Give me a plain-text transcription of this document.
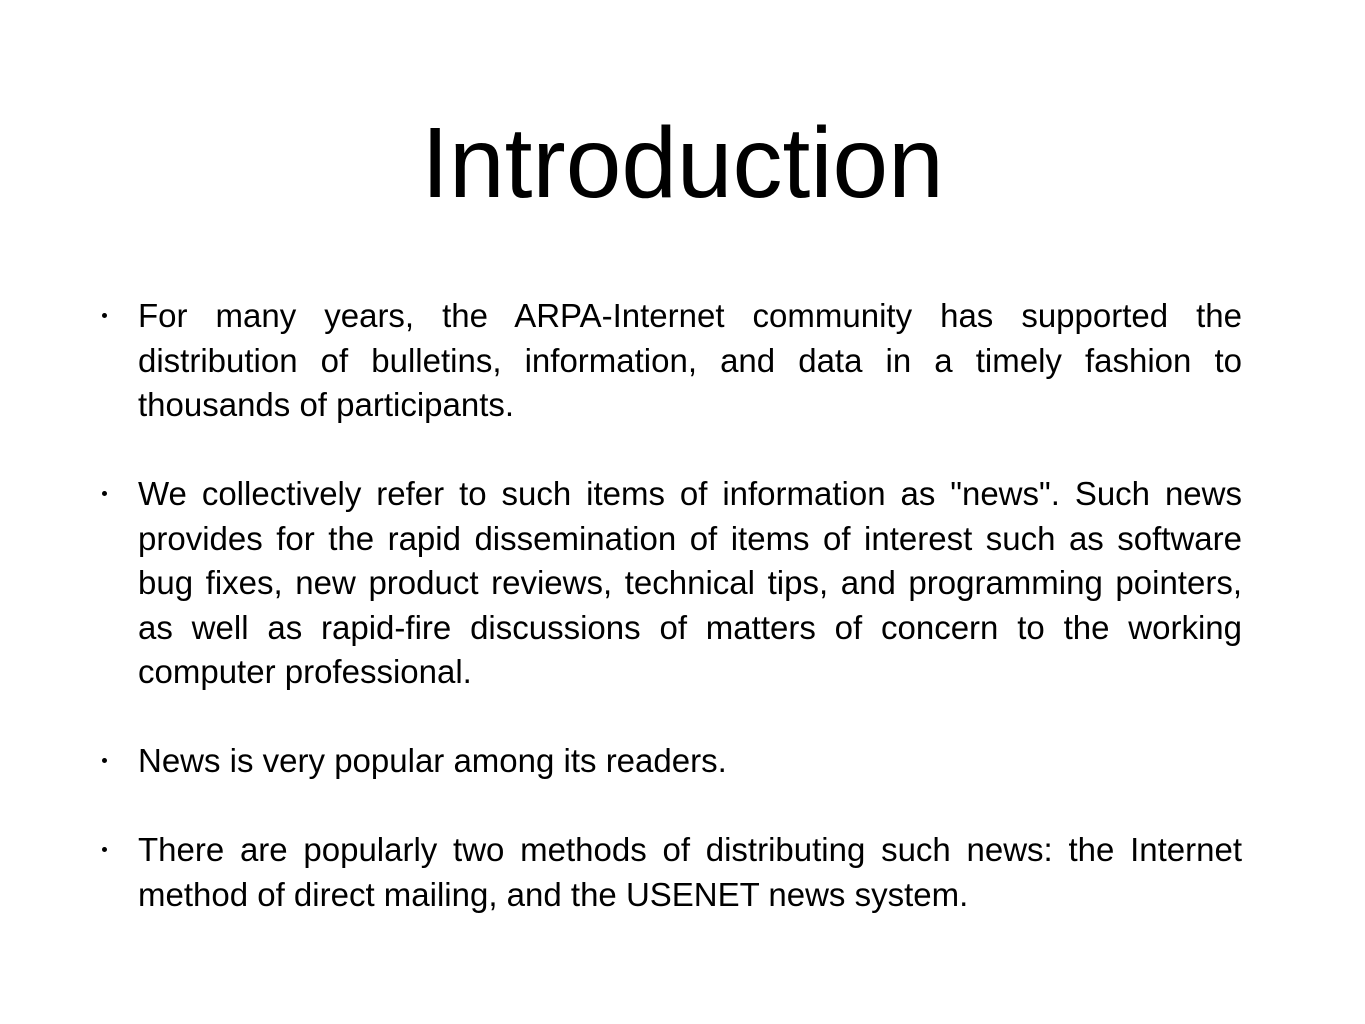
Introduction
For many years, the ARPA-Internet community has supported the distribution of bulletins, information, and data in a timely fashion to thousands of participants.
We collectively refer to such items of information as "news". Such news provides for the rapid dissemination of items of interest such as software bug fixes, new product reviews, technical tips, and programming pointers, as well as rapid-fire discussions of matters of concern to the working computer professional.
News is very popular among its readers.
There are popularly two methods of distributing such news: the Internet method of direct mailing, and the USENET news system.
